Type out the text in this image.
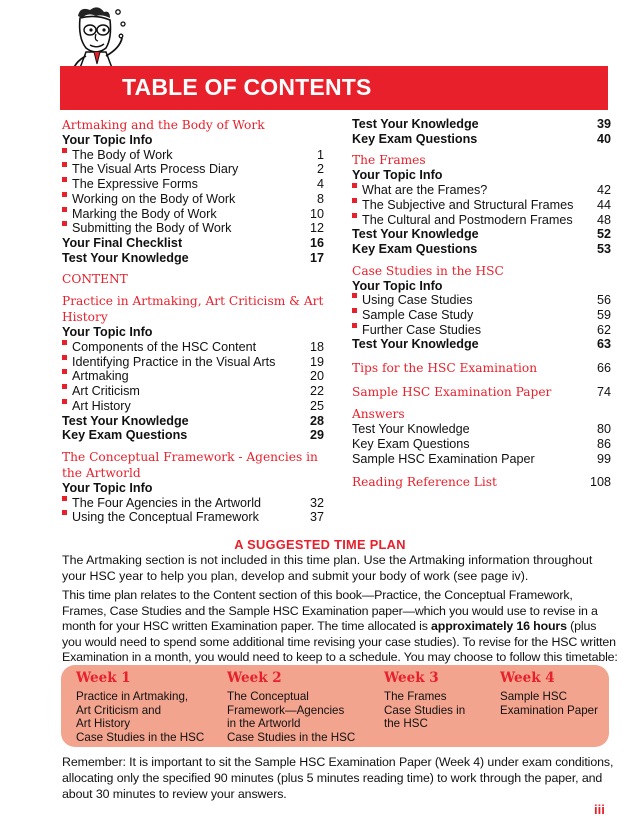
TABLE OF CONTENTS
Artmaking and the Body of Work
Your Topic Info
The Body of Work	1
The Visual Arts Process Diary	2
The Expressive Forms	4
Working on the Body of Work	8
Marking the Body of Work	10
Submitting the Body of Work	12
Your Final Checklist	16
Test Your Knowledge	17
CONTENT
Practice in Artmaking, Art Criticism & Art History
Your Topic Info
Components of the HSC Content	18
Identifying Practice in the Visual Arts	19
Artmaking	20
Art Criticism	22
Art History	25
Test Your Knowledge	28
Key Exam Questions	29
The Conceptual Framework - Agencies in the Artworld
Your Topic Info
The Four Agencies in the Artworld	32
Using the Conceptual Framework	37
Test Your Knowledge	39
Key Exam Questions	40
The Frames
Your Topic Info
What are the Frames?	42
The Subjective and Structural Frames	44
The Cultural and Postmodern Frames	48
Test Your Knowledge	52
Key Exam Questions	53
Case Studies in the HSC
Your Topic Info
Using Case Studies	56
Sample Case Study	59
Further Case Studies	62
Test Your Knowledge	63
Tips for the HSC Examination	66
Sample HSC Examination Paper	74
Answers
Test Your Knowledge	80
Key Exam Questions	86
Sample HSC Examination Paper	99
Reading Reference List	108
A SUGGESTED TIME PLAN
The Artmaking section is not included in this time plan. Use the Artmaking information throughout your HSC year to help you plan, develop and submit your body of work (see page iv).
This time plan relates to the Content section of this book—Practice, the Conceptual Framework, Frames, Case Studies and the Sample HSC Examination paper—which you would use to revise in a month for your HSC written Examination paper. The time allocated is approximately 16 hours (plus you would need to spend some additional time revising your case studies). To revise for the HSC written Examination in a month, you would need to keep to a schedule. You may choose to follow this timetable:
Week 1
Practice in Artmaking,
Art Criticism and
Art History
Case Studies in the HSC
Week 2
The Conceptual
Framework—Agencies
in the Artworld
Case Studies in the HSC
Week 3
The Frames
Case Studies in
the HSC
Week 4
Sample HSC
Examination Paper
Remember: It is important to sit the Sample HSC Examination Paper (Week 4) under exam conditions, allocating only the specified 90 minutes (plus 5 minutes reading time) to work through the paper, and about 30 minutes to review your answers.
iii
